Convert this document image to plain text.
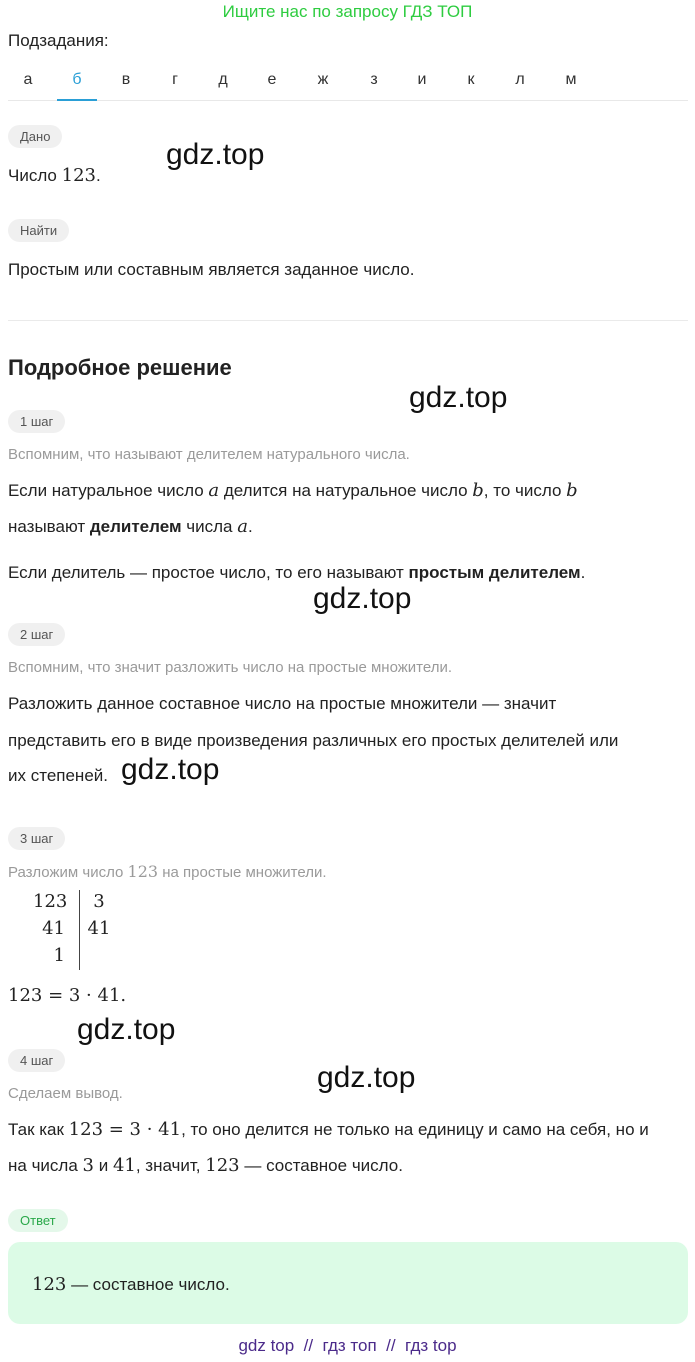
Ищите нас по запросу ГДЗ ТОП
Подзадания:
а	б	в	г	д	е	ж	з	и	к	л	м
Дано
gdz.top
Число 123.
Найти
Простым или составным является заданное число.
Подробное решение
gdz.top
1 шаг
Вспомним, что называют делителем натурального числа.
Если натуральное число a делится на натуральное число b, то число b
называют делителем числа a.
Если делитель — простое число, то его называют простым делителем.
gdz.top
2 шаг
Вспомним, что значит разложить число на простые множители.
Разложить данное составное число на простые множители — значит
представить его в виде произведения различных его простых делителей или
их степеней. gdz.top
3 шаг
Разложим число 123 на простые множители.
123	3
41	41
1
123 = 3 · 41.
gdz.top
4 шаг
gdz.top
Сделаем вывод.
Так как 123 = 3 · 41, то оно делится не только на единицу и само на себя, но и
на числа 3 и 41, значит, 123 — составное число.
Ответ
123 — составное число.
gdz top  //  гдз топ  //  гдз top
